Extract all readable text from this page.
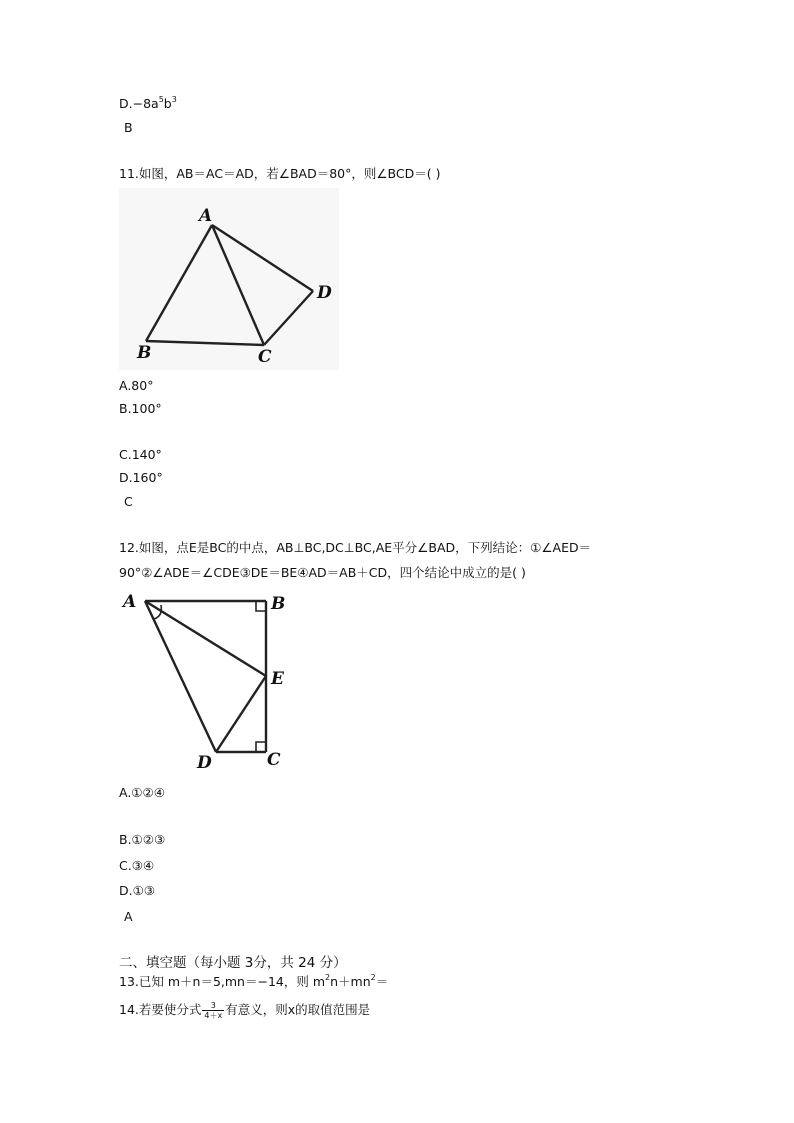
$D.-8a^5b^3$
B
11.如图，AB＝AC＝AD，若∠BAD＝80°，则∠BCD＝( )
A
B	C
D
A.80°
B.100°
C.140°
D.160°
C
12.如图，点E是BC的中点，AB⊥BC,DC⊥BC,AE平分∠BAD，下列结论：①∠AED＝
90°②∠ADE＝∠CDE③DE＝BE④AD＝AB＋CD，四个结论中成立的是( )
A	B
E
D	C
A.①②④
B.①②③
C.③④
D.①③
A
二、填空题（每小题 3分，共 24 分）
13.已知 m＋n＝5,mn＝−14，则 $m^2n+mn^2=$
14.若要使分式 $\frac{3}{4+x}$ 有意义，则x的取值范围是
